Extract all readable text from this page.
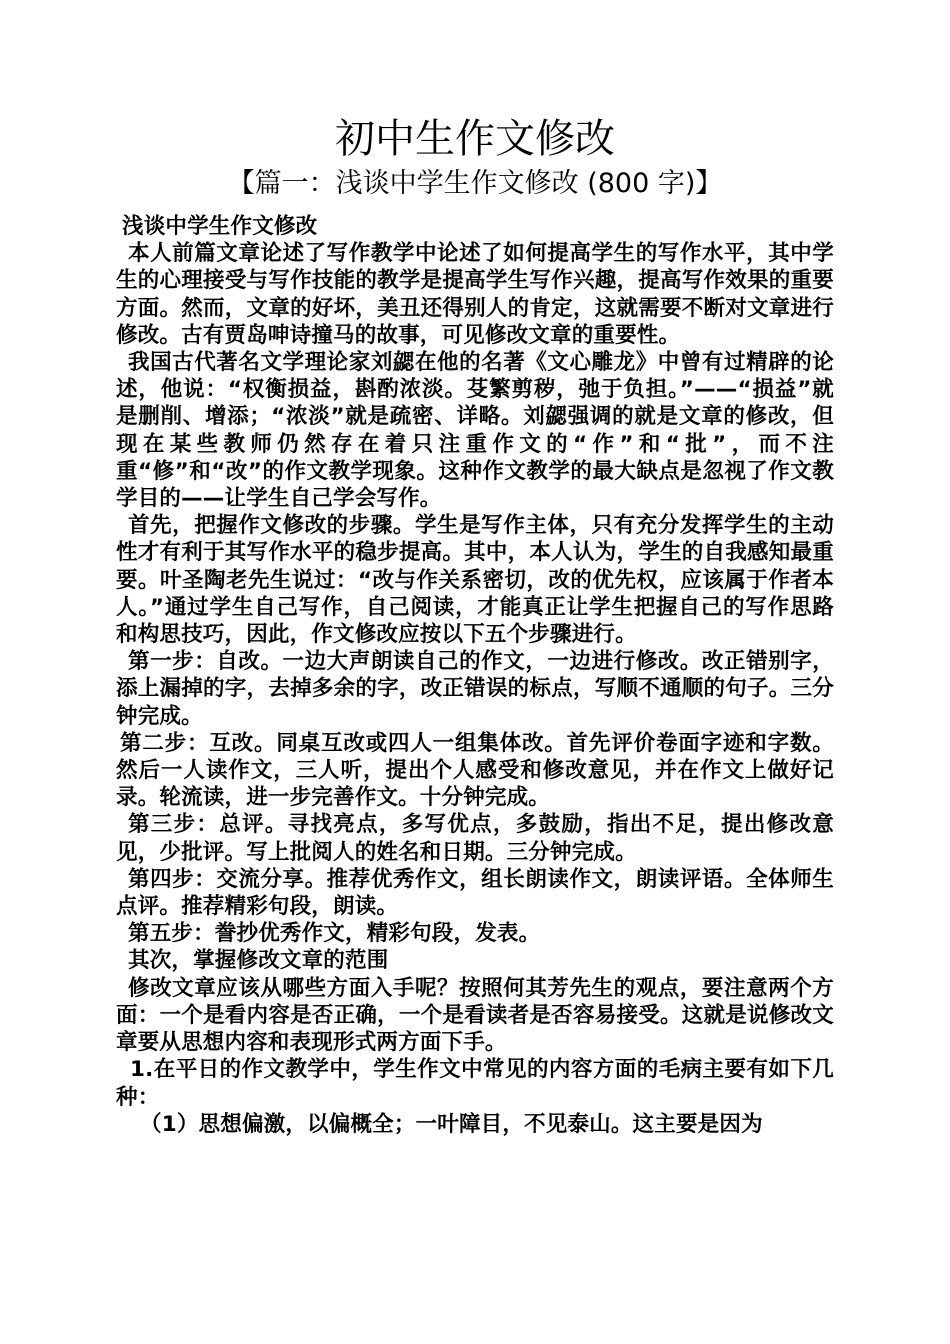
初中生作文修改
【篇一：浅谈中学生作文修改 (800 字)】

浅谈中学生作文修改

本人前篇文章论述了写作教学中论述了如何提高学生的写作水平，其中学生的心理接受与写作技能的教学是提高学生写作兴趣，提高写作效果的重要方面。然而，文章的好坏，美丑还得别人的肯定，这就需要不断对文章进行修改。古有贾岛呻诗撞马的故事，可见修改文章的重要性。

我国古代著名文学理论家刘勰在他的名著《文心雕龙》中曾有过精辟的论述，他说：“权衡损益，斟酌浓淡。芟繁剪秽，弛于负担。”——“损益”就是删削、增添；“浓淡”就是疏密、详略。刘勰强调的就是文章的修改，但现在某些教师仍然存在着只注重作文的“作”和“批”，而不注重“修”和“改”的作文教学现象。这种作文教学的最大缺点是忽视了作文教学目的——让学生自己学会写作。

首先，把握作文修改的步骤。学生是写作主体，只有充分发挥学生的主动性才有利于其写作水平的稳步提高。其中，本人认为，学生的自我感知最重要。叶圣陶老先生说过：“改与作关系密切，改的优先权，应该属于作者本人。”通过学生自己写作，自己阅读，才能真正让学生把握自己的写作思路和构思技巧，因此，作文修改应按以下五个步骤进行。

第一步：自改。一边大声朗读自己的作文，一边进行修改。改正错别字，添上漏掉的字，去掉多余的字，改正错误的标点，写顺不通顺的句子。三分钟完成。

第二步：互改。同桌互改或四人一组集体改。首先评价卷面字迹和字数。然后一人读作文，三人听，提出个人感受和修改意见，并在作文上做好记录。轮流读，进一步完善作文。十分钟完成。

第三步：总评。寻找亮点，多写优点，多鼓励，指出不足，提出修改意见，少批评。写上批阅人的姓名和日期。三分钟完成。

第四步：交流分享。推荐优秀作文，组长朗读作文，朗读评语。全体师生点评。推荐精彩句段，朗读。

第五步：誊抄优秀作文，精彩句段，发表。

其次，掌握修改文章的范围

修改文章应该从哪些方面入手呢？按照何其芳先生的观点，要注意两个方面：一个是看内容是否正确，一个是看读者是否容易接受。这就是说修改文章要从思想内容和表现形式两方面下手。

1.在平日的作文教学中，学生作文中常见的内容方面的毛病主要有如下几种：

（1）思想偏激，以偏概全；一叶障目，不见泰山。这主要是因为
